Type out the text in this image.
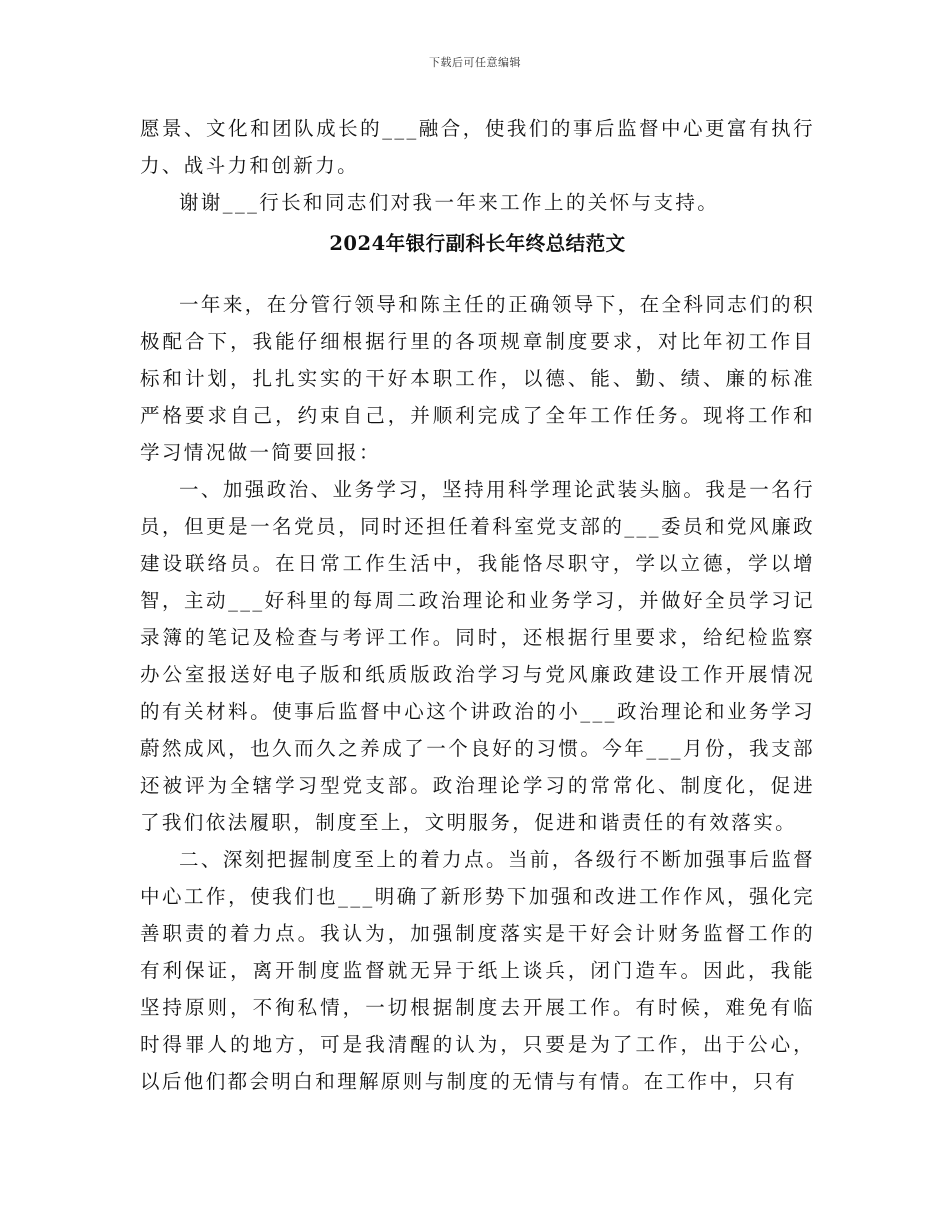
下载后可任意编辑

愿景、文化和团队成长的___融合，使我们的事后监督中心更富有执行力、战斗力和创新力。

谢谢___行长和同志们对我一年来工作上的关怀与支持。

2024年银行副科长年终总结范文

一年来，在分管行领导和陈主任的正确领导下，在全科同志们的积极配合下，我能仔细根据行里的各项规章制度要求，对比年初工作目标和计划，扎扎实实的干好本职工作，以德、能、勤、绩、廉的标准严格要求自己，约束自己，并顺利完成了全年工作任务。现将工作和学习情况做一简要回报：

一、加强政治、业务学习，坚持用科学理论武装头脑。我是一名行员，但更是一名党员，同时还担任着科室党支部的___委员和党风廉政建设联络员。在日常工作生活中，我能恪尽职守，学以立德，学以增智，主动___好科里的每周二政治理论和业务学习，并做好全员学习记录簿的笔记及检查与考评工作。同时，还根据行里要求，给纪检监察办公室报送好电子版和纸质版政治学习与党风廉政建设工作开展情况的有关材料。使事后监督中心这个讲政治的小___政治理论和业务学习蔚然成风，也久而久之养成了一个良好的习惯。今年___月份，我支部还被评为全辖学习型党支部。政治理论学习的常常化、制度化，促进了我们依法履职，制度至上，文明服务，促进和谐责任的有效落实。

二、深刻把握制度至上的着力点。当前，各级行不断加强事后监督中心工作，使我们也___明确了新形势下加强和改进工作作风，强化完善职责的着力点。我认为，加强制度落实是干好会计财务监督工作的有利保证，离开制度监督就无异于纸上谈兵，闭门造车。因此，我能坚持原则，不徇私情，一切根据制度去开展工作。有时候，难免有临时得罪人的地方，可是我清醒的认为，只要是为了工作，出于公心，以后他们都会明白和理解原则与制度的无情与有情。在工作中，只有
